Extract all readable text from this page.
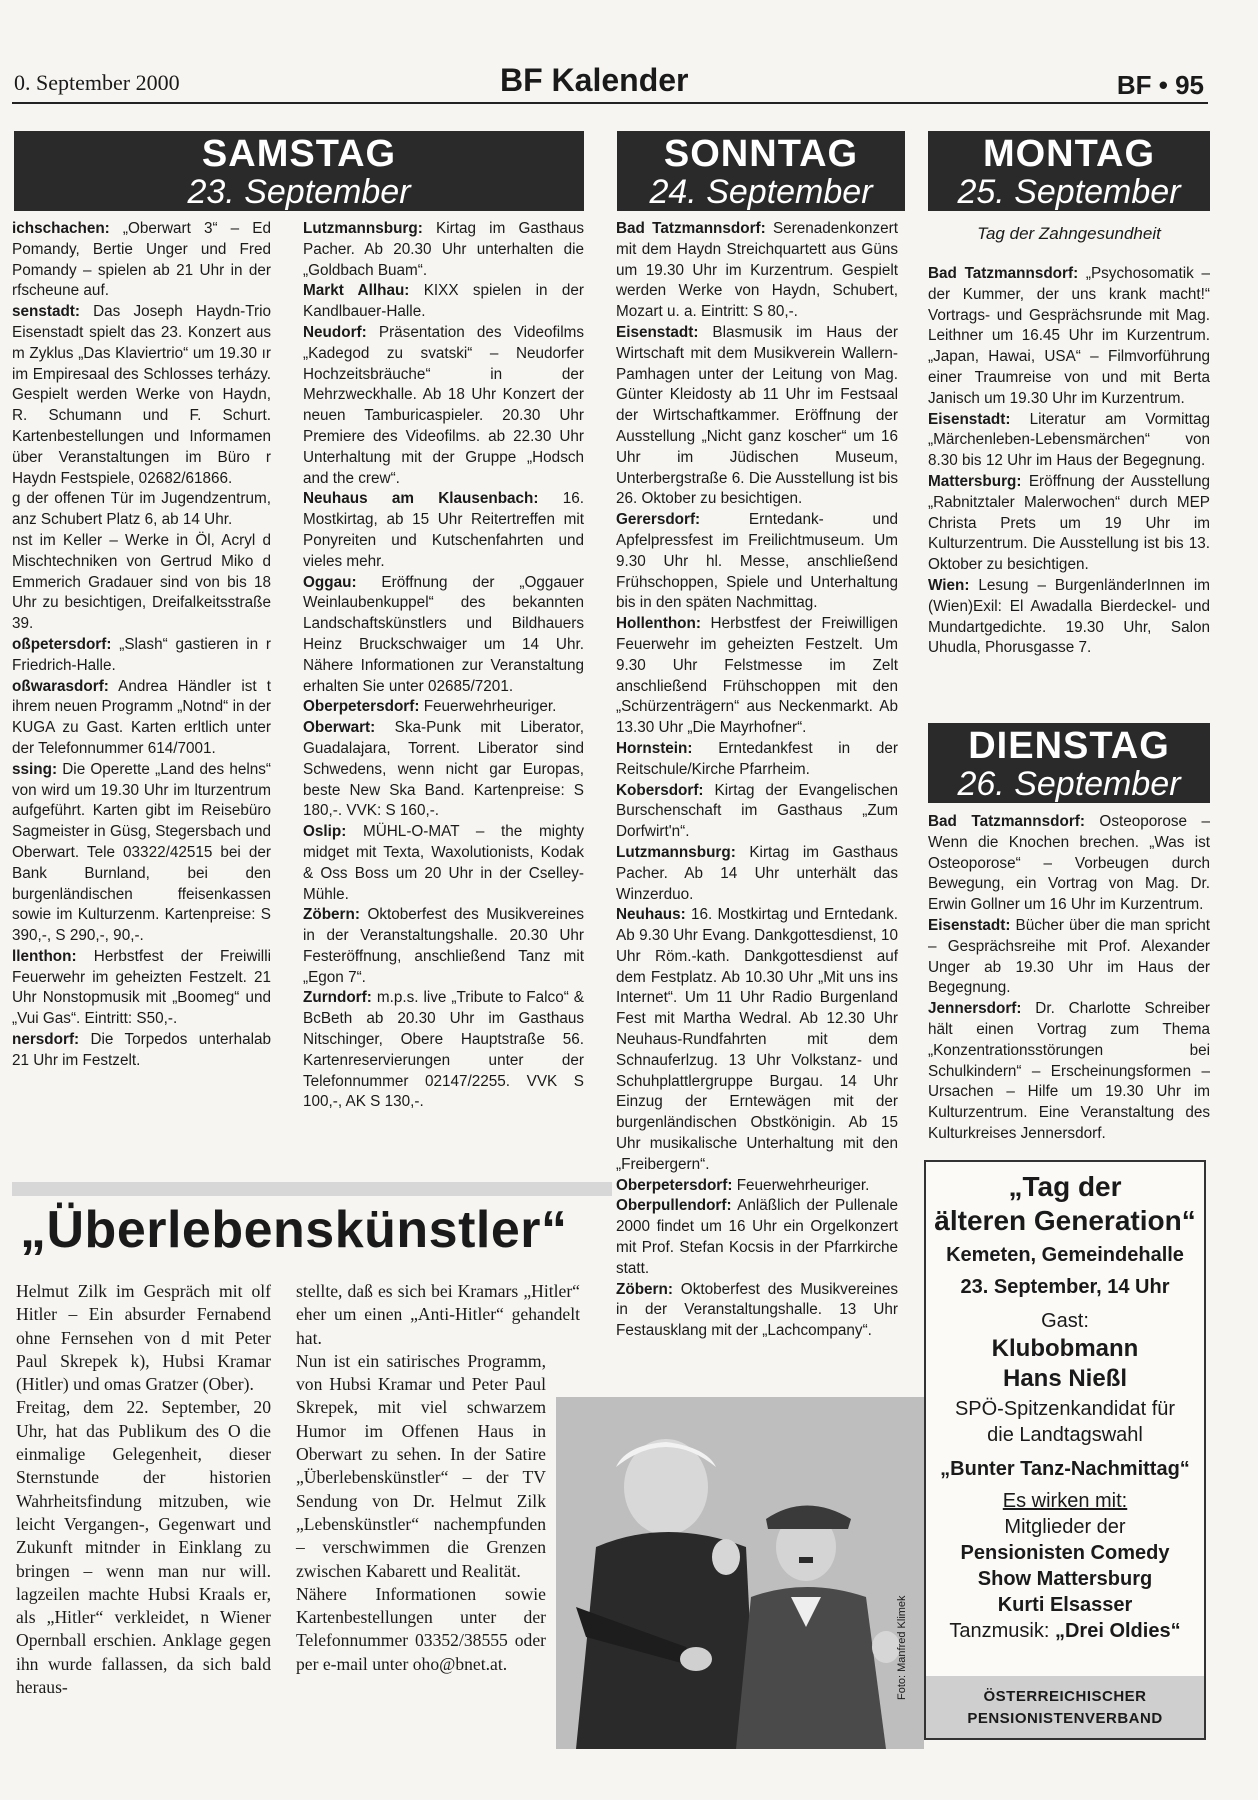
0. September 2000	BF Kalender	BF • 95
SAMSTAG
23. September
SONNTAG
24. September
MONTAG
25. September
Tag der Zahngesundheit
DIENSTAG
26. September

ichschachen: „Oberwart 3“ – Ed Pomandy, Bertie Unger und Fred Pomandy – spielen ab 21 Uhr in der rfscheune auf.

senstadt: Das Joseph Haydn-Trio Eisenstadt spielt das 23. Konzert aus m Zyklus „Das Klaviertrio“ um 19.30 ır im Empiresaal des Schlosses terházy. Gespielt werden Werke von Haydn, R. Schumann und F. Schurt. Kartenbestellungen und Informamen über Veranstaltungen im Büro r Haydn Festspiele, 02682/61866.

g der offenen Tür im Jugendzentrum, anz Schubert Platz 6, ab 14 Uhr.

nst im Keller – Werke in Öl, Acryl d Mischtechniken von Gertrud Miko d Emmerich Gradauer sind von bis 18 Uhr zu besichtigen, Dreifalkeitsstraße 39.

oßpetersdorf: „Slash“ gastieren in r Friedrich-Halle.

oßwarasdorf: Andrea Händler ist t ihrem neuen Programm „Notnd“ in der KUGA zu Gast. Karten erltlich unter der Telefonnummer 614/7001.

ssing: Die Operette „Land des helns“ von wird um 19.30 Uhr im lturzentrum aufgeführt. Karten gibt im Reisebüro Sagmeister in Güsg, Stegersbach und Oberwart. Tele 03322/42515 bei der Bank Burnland, bei den burgenländischen ffeisenkassen sowie im Kulturzenm. Kartenpreise: S 390,-, S 290,-, 90,-.

llenthon: Herbstfest der Freiwilli Feuerwehr im geheizten Festzelt. 21 Uhr Nonstopmusik mit „Boomeg“ und „Vui Gas“. Eintritt: S50,-.

nersdorf: Die Torpedos unterhalab 21 Uhr im Festzelt.

Lutzmannsburg: Kirtag im Gasthaus Pacher. Ab 20.30 Uhr unterhalten die „Goldbach Buam“.

Markt Allhau: KIXX spielen in der Kandlbauer-Halle.

Neudorf: Präsentation des Videofilms „Kadegod zu svatski“ – Neudorfer Hochzeitsbräuche“ in der Mehrzweckhalle. Ab 18 Uhr Konzert der neuen Tamburicaspieler. 20.30 Uhr Premiere des Videofilms. ab 22.30 Uhr Unterhaltung mit der Gruppe „Hodsch and the crew“.

Neuhaus am Klausenbach: 16. Mostkirtag, ab 15 Uhr Reitertreffen mit Ponyreiten und Kutschenfahrten und vieles mehr.

Oggau: Eröffnung der „Oggauer Weinlaubenkuppel“ des bekannten Landschaftskünstlers und Bildhauers Heinz Bruckschwaiger um 14 Uhr. Nähere Informationen zur Veranstaltung erhalten Sie unter 02685/7201.

Oberpetersdorf: Feuerwehrheuriger.

Oberwart: Ska-Punk mit Liberator, Guadalajara, Torrent. Liberator sind Schwedens, wenn nicht gar Europas, beste New Ska Band. Kartenpreise: S 180,-. VVK: S 160,-.

Oslip: MÜHL-O-MAT – the mighty midget mit Texta, Waxolutionists, Kodak & Oss Boss um 20 Uhr in der Cselley-Mühle.

Zöbern: Oktoberfest des Musikvereines in der Veranstaltungshalle. 20.30 Uhr Festeröffnung, anschließend Tanz mit „Egon 7“.

Zurndorf: m.p.s. live „Tribute to Falco“ & BcBeth ab 20.30 Uhr im Gasthaus Nitschinger, Obere Hauptstraße 56. Kartenreservierungen unter der Telefonnummer 02147/2255. VVK S 100,-, AK S 130,-.

Bad Tatzmannsdorf: Serenadenkonzert mit dem Haydn Streichquartett aus Güns um 19.30 Uhr im Kurzentrum. Gespielt werden Werke von Haydn, Schubert, Mozart u. a. Eintritt: S 80,-.

Eisenstadt: Blasmusik im Haus der Wirtschaft mit dem Musikverein Wallern-Pamhagen unter der Leitung von Mag. Günter Kleidosty ab 11 Uhr im Festsaal der Wirtschaftkammer. Eröffnung der Ausstellung „Nicht ganz koscher“ um 16 Uhr im Jüdischen Museum, Unterbergstraße 6. Die Ausstellung ist bis 26. Oktober zu besichtigen.

Gerersdorf: Erntedank- und Apfelpressfest im Freilichtmuseum. Um 9.30 Uhr hl. Messe, anschließend Frühschoppen, Spiele und Unterhaltung bis in den späten Nachmittag.

Hollenthon: Herbstfest der Freiwilligen Feuerwehr im geheizten Festzelt. Um 9.30 Uhr Felstmesse im Zelt anschließend Frühschoppen mit den „Schürzenträgern“ aus Neckenmarkt. Ab 13.30 Uhr „Die Mayrhofner“.

Hornstein: Erntedankfest in der Reitschule/Kirche Pfarrheim.

Kobersdorf: Kirtag der Evangelischen Burschenschaft im Gasthaus „Zum Dorfwirt'n“.

Lutzmannsburg: Kirtag im Gasthaus Pacher. Ab 14 Uhr unterhält das Winzerduo.

Neuhaus: 16. Mostkirtag und Erntedank. Ab 9.30 Uhr Evang. Dankgottesdienst, 10 Uhr Röm.-kath. Dankgottesdienst auf dem Festplatz. Ab 10.30 Uhr „Mit uns ins Internet“. Um 11 Uhr Radio Burgenland Fest mit Martha Wedral. Ab 12.30 Uhr Neuhaus-Rundfahrten mit dem Schnauferlzug. 13 Uhr Volkstanz- und Schuhplattlergruppe Burgau. 14 Uhr Einzug der Erntewägen mit der burgenländischen Obstkönigin. Ab 15 Uhr musikalische Unterhaltung mit den „Freibergern“.

Oberpetersdorf: Feuerwehrheuriger.

Oberpullendorf: Anläßlich der Pullenale 2000 findet um 16 Uhr ein Orgelkonzert mit Prof. Stefan Kocsis in der Pfarrkirche statt.

Zöbern: Oktoberfest des Musikvereines in der Veranstaltungshalle. 13 Uhr Festausklang mit der „Lachcompany“.

Bad Tatzmannsdorf: „Psychosomatik – der Kummer, der uns krank macht!“ Vortrags- und Gesprächsrunde mit Mag. Leithner um 16.45 Uhr im Kurzentrum. „Japan, Hawai, USA“ – Filmvorführung einer Traumreise von und mit Berta Janisch um 19.30 Uhr im Kurzentrum.

Eisenstadt: Literatur am Vormittag „Märchenleben-Lebensmärchen“ von 8.30 bis 12 Uhr im Haus der Begegnung.

Mattersburg: Eröffnung der Ausstellung „Rabnitztaler Malerwochen“ durch MEP Christa Prets um 19 Uhr im Kulturzentrum. Die Ausstellung ist bis 13. Oktober zu besichtigen.

Wien: Lesung – BurgenländerInnen im (Wien)Exil: El Awadalla Bierdeckel- und Mundartgedichte. 19.30 Uhr, Salon Uhudla, Phorusgasse 7.

Bad Tatzmannsdorf: Osteoporose – Wenn die Knochen brechen. „Was ist Osteoporose“ – Vorbeugen durch Bewegung, ein Vortrag von Mag. Dr. Erwin Gollner um 16 Uhr im Kurzentrum.

Eisenstadt: Bücher über die man spricht – Gesprächsreihe mit Prof. Alexander Unger ab 19.30 Uhr im Haus der Begegnung.

Jennersdorf: Dr. Charlotte Schreiber hält einen Vortrag zum Thema „Konzentrationsstörungen bei Schulkindern“ – Erscheinungsformen – Ursachen – Hilfe um 19.30 Uhr im Kulturzentrum. Eine Veranstaltung des Kulturkreises Jennersdorf.

„Überlebenskünstler“

Helmut Zilk im Gespräch mit olf Hitler – Ein absurder Fernabend ohne Fernsehen von d mit Peter Paul Skrepek k), Hubsi Kramar (Hitler) und omas Gratzer (Ober).

Freitag, dem 22. September, 20 Uhr, hat das Publikum des O die einmalige Gelegenheit, dieser Sternstunde der historien Wahrheitsfindung mitzuben, wie leicht Vergangen-, Gegenwart und Zukunft mitnder in Einklang zu bringen – wenn man nur will. lagzeilen machte Hubsi Kraals er, als „Hitler“ verkleidet, n Wiener Opernball erschien. Anklage gegen ihn wurde fallassen, da sich bald heraus-

stellte, daß es sich bei Kramars „Hitler“ eher um einen „Anti-Hitler“ gehandelt hat.

Nun ist ein satirisches Programm, von Hubsi Kramar und Peter Paul Skrepek, mit viel schwarzem Humor im Offenen Haus in Oberwart zu sehen. In der Satire „Überlebenskünstler“ – der TV Sendung von Dr. Helmut Zilk „Lebenskünstler“ nachempfunden – verschwimmen die Grenzen zwischen Kabarett und Realität.

Nähere Informationen sowie Kartenbestellungen unter der Telefonnummer 03352/38555 oder per e-mail unter oho@bnet.at.	Foto: Manfred Klimek
„Tag der
älteren Generation“
Kemeten, Gemeindehalle
23. September, 14 Uhr
Gast:
Klubobmann
Hans Nießl
SPÖ-Spitzenkandidat für
die Landtagswahl
„Bunter Tanz-Nachmittag“
Es wirken mit:
Mitglieder der
Pensionisten Comedy
Show Mattersburg
Kurti Elsasser
Tanzmusik: „Drei Oldies“
ÖSTERREICHISCHER
PENSIONISTENVERBAND
